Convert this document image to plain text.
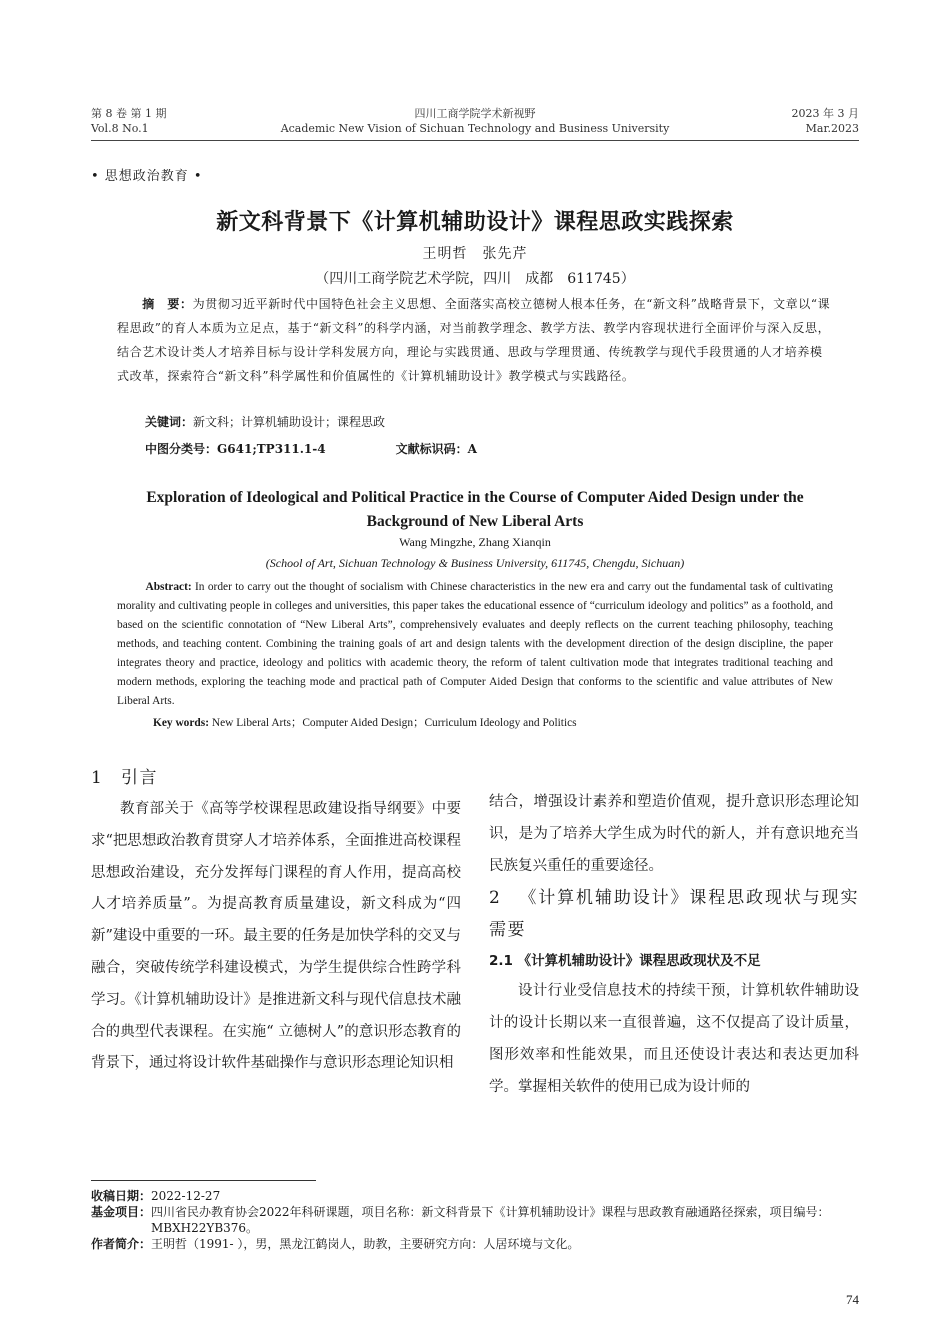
第 8 卷 第 1 期
Vol.8 No.1
四川工商学院学术新视野
Academic New Vision of Sichuan Technology and Business University
2023 年 3 月
Mar.2023
• 思想政治教育 •
新文科背景下《计算机辅助设计》课程思政实践探索
王明哲　张先芹
（四川工商学院艺术学院，四川　成都　611745）
  摘　要：为贯彻习近平新时代中国特色社会主义思想、全面落实高校立德树人根本任务，在“新文科”战略背景下，文章以“课程思政”的育人本质为立足点，基于“新文科”的科学内涵，对当前教学理念、教学方法、教学内容现状进行全面评价与深入反思，结合艺术设计类人才培养目标与设计学科发展方向，理论与实践贯通、思政与学理贯通、传统教学与现代手段贯通的人才培养模式改革，探索符合“新文科”科学属性和价值属性的《计算机辅助设计》教学模式与实践路径。
关键词：新文科；计算机辅助设计；课程思政
中图分类号：G641;TP311.1-4	文献标识码：A
Exploration of Ideological and Political Practice in the Course of Computer Aided Design under the Background of New Liberal Arts
Wang Mingzhe, Zhang Xianqin
(School of Art, Sichuan Technology & Business University, 611745, Chengdu, Sichuan)
   Abstract: In order to carry out the thought of socialism with Chinese characteristics in the new era and carry out the fundamental task of cultivating morality and cultivating people in colleges and universities, this paper takes the educational essence of “curriculum ideology and politics” as a foothold, and based on the scientific connotation of “New Liberal Arts”, comprehensively evaluates and deeply reflects on the current teaching philosophy, teaching methods, and teaching content. Combining the training goals of art and design talents with the development direction of the design discipline, the paper integrates theory and practice, ideology and politics with academic theory, the reform of talent cultivation mode that integrates traditional teaching and modern methods, exploring the teaching mode and practical path of Computer Aided Design that conforms to the scientific and value attributes of New Liberal Arts.
Key words: New Liberal Arts；Computer Aided Design；Curriculum Ideology and Politics
1 引言

教育部关于《高等学校课程思政建设指导纲要》中要求“把思想政治教育贯穿人才培养体系，全面推进高校课程思想政治建设，充分发挥每门课程的育人作用，提高高校人才培养质量”。为提高教育质量建设，新文科成为“四新”建设中重要的一环。最主要的任务是加快学科的交叉与融合，突破传统学科建设模式，为学生提供综合性跨学科学习。《计算机辅助设计》是推进新文科与现代信息技术融合的典型代表课程。在实施“ 立德树人”的意识形态教育的背景下，通过将设计软件基础操作与意识形态理论知识相

结合，增强设计素养和塑造价值观，提升意识形态理论知识，是为了培养大学生成为时代的新人，并有意识地充当民族复兴重任的重要途径。

2 《计算机辅助设计》课程思政现状与现实需要
2.1 《计算机辅助设计》课程思政现状及不足

设计行业受信息技术的持续干预，计算机软件辅助设计的设计长期以来一直很普遍，这不仅提高了设计质量，图形效率和性能效果，而且还使设计表达和表达更加科学。掌握相关软件的使用已成为设计师的

收稿日期： 2022-12-27
基金项目： 四川省民办教育协会2022年科研课题，项目名称：新文科背景下《计算机辅助设计》课程与思政教育融通路径探索，项目编号：MBXH22YB376。
作者简介： 王明哲（1991- ），男，黑龙江鹤岗人，助教，主要研究方向：人居环境与文化。
74
